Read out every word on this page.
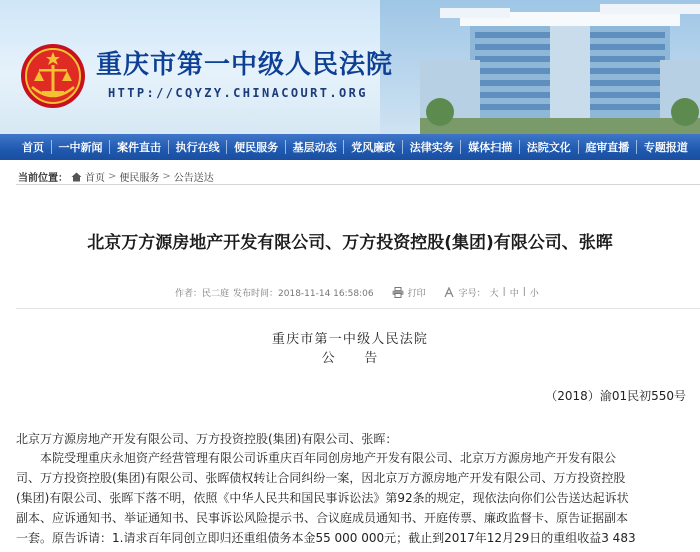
重庆市第一中级人民法院
HTTP://CQYZY.CHINACOURT.ORG
首页 一中新闻 案件直击 执行在线 便民服务 基层动态 党风廉政 法律实务 媒体扫描 法院文化 庭审直播 专题报道
当前位置： 首页 > 便民服务 > 公告送达
北京万方源房地产开发有限公司、万方投资控股(集团)有限公司、张晖
作者：民二庭 发布时间：2018-11-14 16:58:06	打印	字号： 大 | 中 | 小
重庆市第一中级人民法院
公　　告
（2018）渝01民初550号
北京万方源房地产开发有限公司、万方投资控股(集团)有限公司、张晖：
　　本院受理重庆永旭资产经营管理有限公司诉重庆百年同创房地产开发有限公司、北京万方源房地产开发有限公
司、万方投资控股(集团)有限公司、张晖债权转让合同纠纷一案，因北京万方源房地产开发有限公司、万方投资控股
(集团)有限公司、张晖下落不明，依照《中华人民共和国民事诉讼法》第92条的规定，现依法向你们公告送达起诉状
副本、应诉通知书、举证通知书、民事诉讼风险提示书、合议庭成员通知书、开庭传票、廉政监督卡、原告证据副本
一套。原告诉请：1.请求百年同创立即归还重组债务本金55 000 000元；截止到2017年12月29日的重组收益3 483
